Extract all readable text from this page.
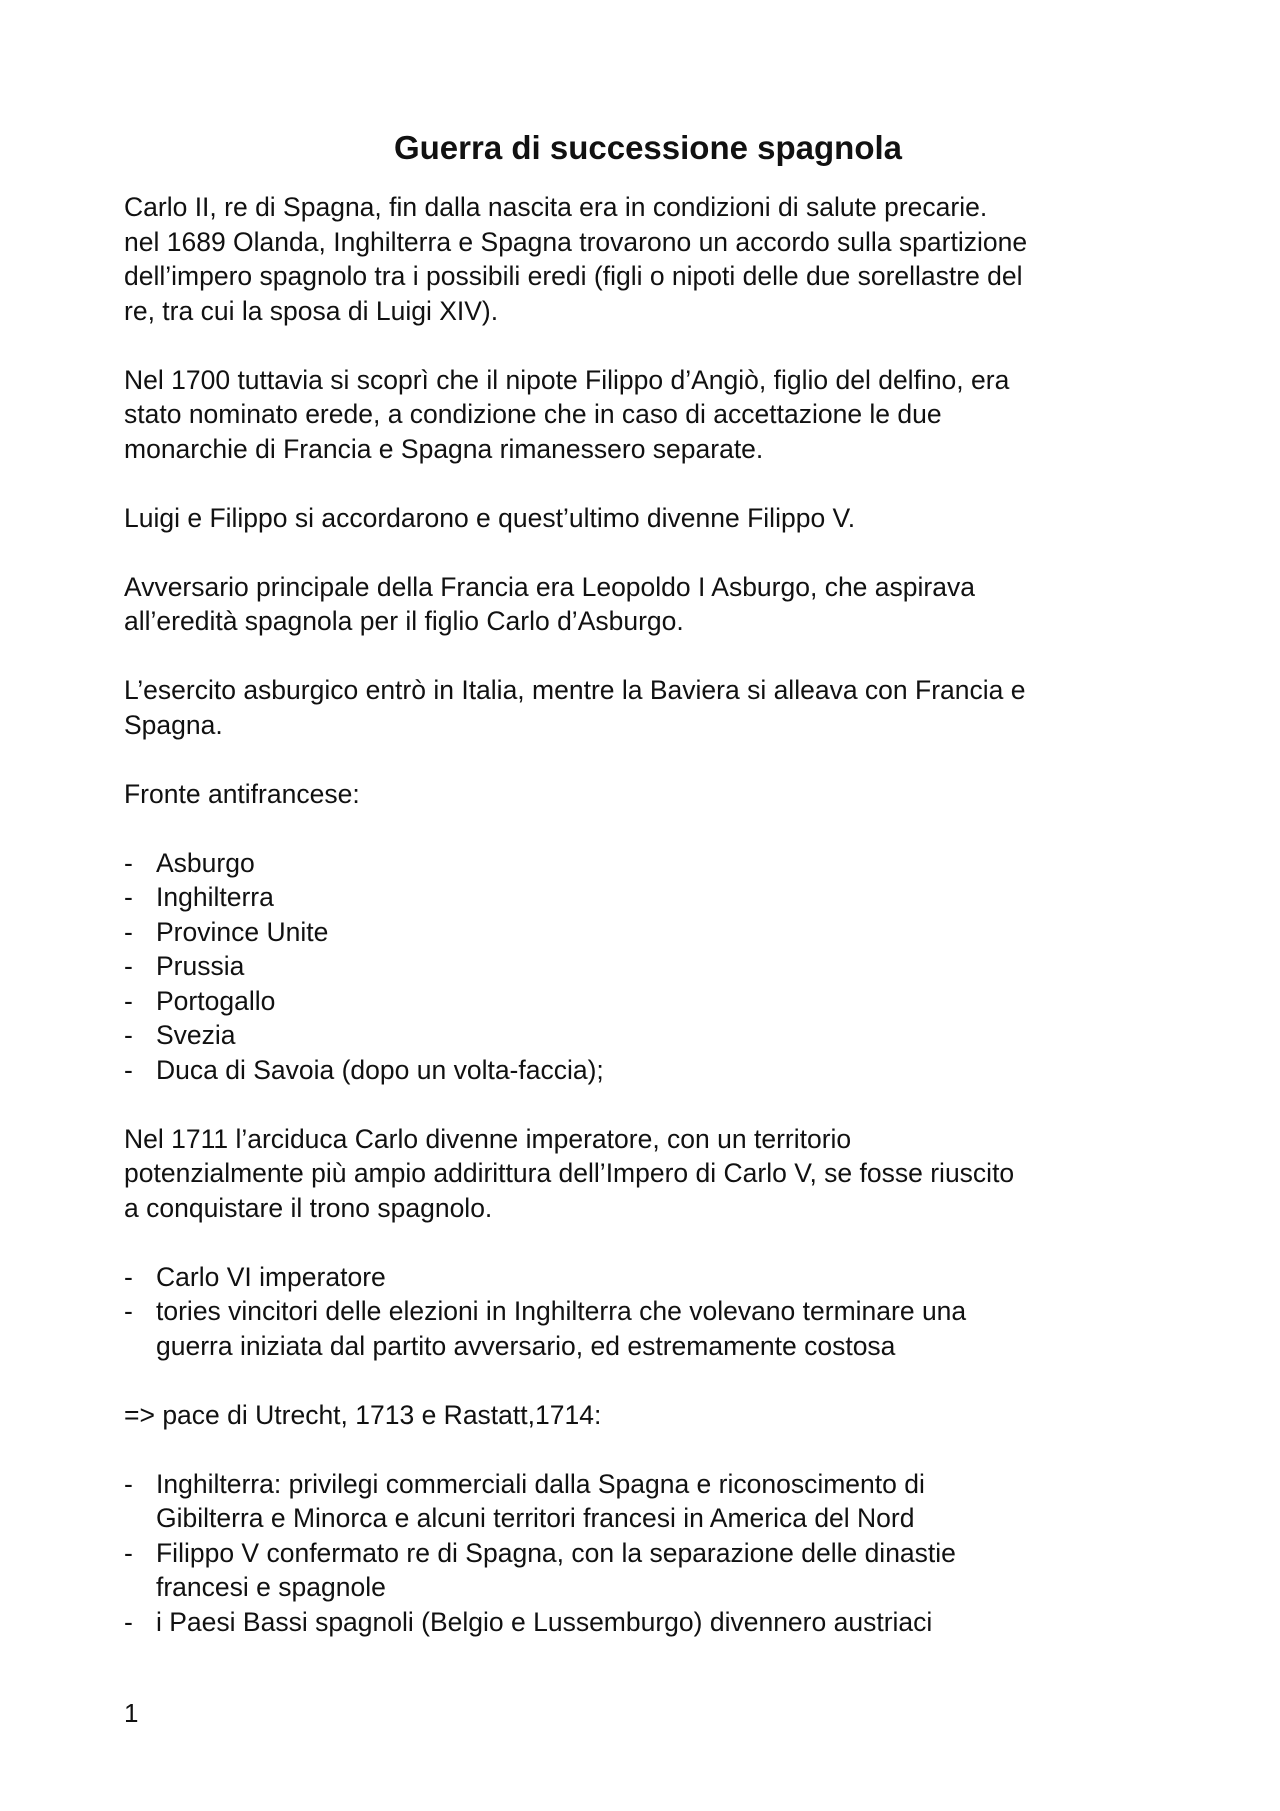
Guerra di successione spagnola
Carlo II, re di Spagna, fin dalla nascita era in condizioni di salute precarie.
nel 1689 Olanda, Inghilterra e Spagna trovarono un accordo sulla spartizione
dell’impero spagnolo tra i possibili eredi (figli o nipoti delle due sorellastre del
re, tra cui la sposa di Luigi XIV).
Nel 1700 tuttavia si scoprì che il nipote Filippo d’Angiò, figlio del delfino, era
stato nominato erede, a condizione che in caso di accettazione le due
monarchie di Francia e Spagna rimanessero separate.
Luigi e Filippo si accordarono e quest’ultimo divenne Filippo V.
Avversario principale della Francia era Leopoldo I Asburgo, che aspirava
all’eredità spagnola per il figlio Carlo d’Asburgo.
L’esercito asburgico entrò in Italia, mentre la Baviera si alleava con Francia e
Spagna.
Fronte antifrancese:
- Asburgo
- Inghilterra
- Province Unite
- Prussia
- Portogallo
- Svezia
- Duca di Savoia (dopo un volta-faccia);
Nel 1711 l’arciduca Carlo divenne imperatore, con un territorio
potenzialmente più ampio addirittura dell’Impero di Carlo V, se fosse riuscito
a conquistare il trono spagnolo.
- Carlo VI imperatore
- tories vincitori delle elezioni in Inghilterra che volevano terminare una
guerra iniziata dal partito avversario, ed estremamente costosa
=> pace di Utrecht, 1713 e Rastatt,1714:
- Inghilterra: privilegi commerciali dalla Spagna e riconoscimento di
Gibilterra e Minorca e alcuni territori francesi in America del Nord
- Filippo V confermato re di Spagna, con la separazione delle dinastie
francesi e spagnole
- i Paesi Bassi spagnoli (Belgio e Lussemburgo) divennero austriaci
1
